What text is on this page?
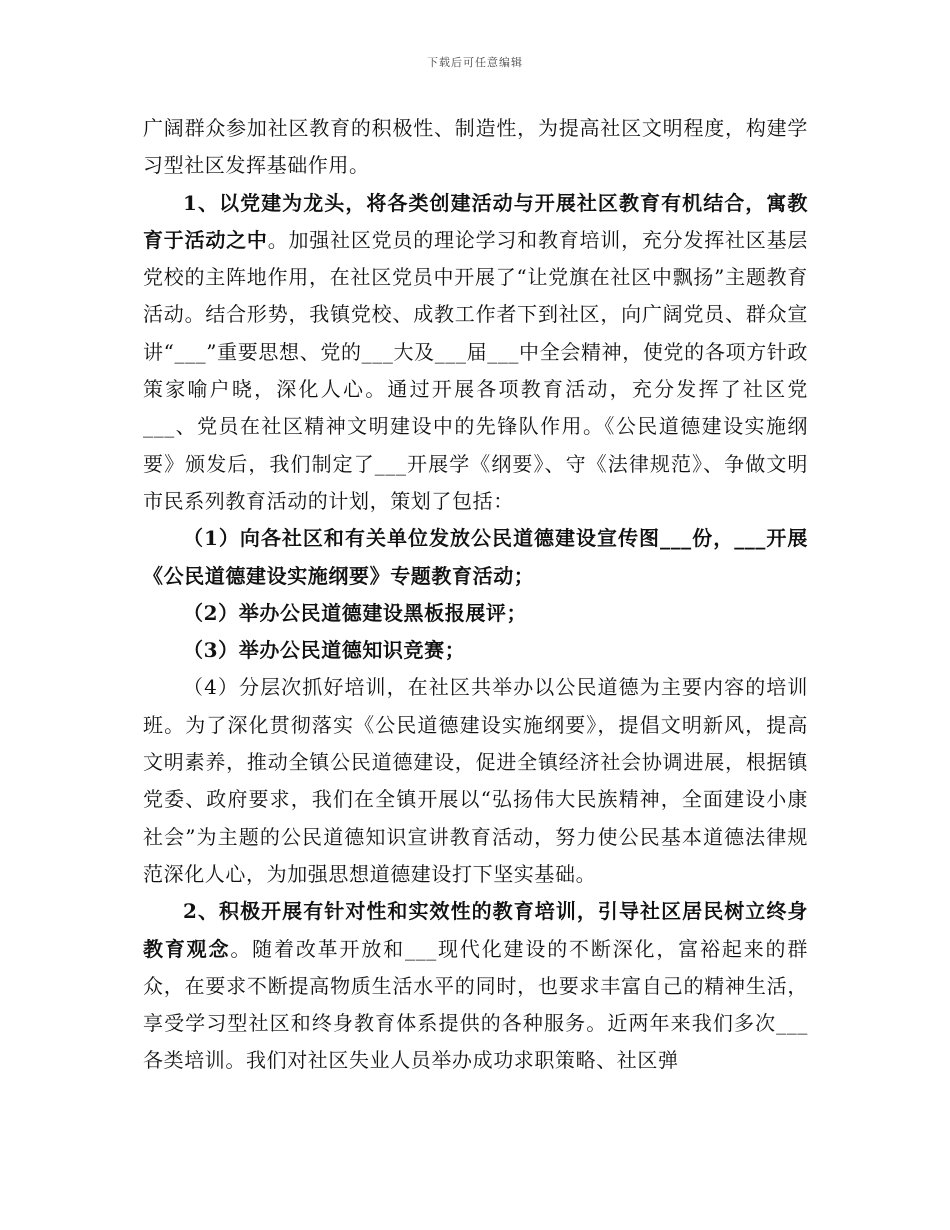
下载后可任意编辑

广阔群众参加社区教育的积极性、制造性，为提高社区文明程度，构建学习型社区发挥基础作用。

1、以党建为龙头，将各类创建活动与开展社区教育有机结合，寓教育于活动之中。加强社区党员的理论学习和教育培训，充分发挥社区基层党校的主阵地作用，在社区党员中开展了“让党旗在社区中飘扬”主题教育活动。结合形势，我镇党校、成教工作者下到社区，向广阔党员、群众宣讲“___”重要思想、党的___大及___届___中全会精神，使党的各项方针政策家喻户晓，深化人心。通过开展各项教育活动，充分发挥了社区党___、党员在社区精神文明建设中的先锋队作用。《公民道德建设实施纲要》颁发后，我们制定了___开展学《纲要》、守《法律规范》、争做文明市民系列教育活动的计划，策划了包括：

（1）向各社区和有关单位发放公民道德建设宣传图___份，___开展《公民道德建设实施纲要》专题教育活动；

（2）举办公民道德建设黑板报展评；

（3）举办公民道德知识竞赛；

（4）分层次抓好培训，在社区共举办以公民道德为主要内容的培训班。为了深化贯彻落实《公民道德建设实施纲要》，提倡文明新风，提高文明素养，推动全镇公民道德建设，促进全镇经济社会协调进展，根据镇党委、政府要求，我们在全镇开展以“弘扬伟大民族精神，全面建设小康社会”为主题的公民道德知识宣讲教育活动，努力使公民基本道德法律规范深化人心，为加强思想道德建设打下坚实基础。

2、积极开展有针对性和实效性的教育培训，引导社区居民树立终身教育观念。随着改革开放和___现代化建设的不断深化，富裕起来的群众，在要求不断提高物质生活水平的同时，也要求丰富自己的精神生活，享受学习型社区和终身教育体系提供的各种服务。近两年来我们多次___各类培训。我们对社区失业人员举办成功求职策略、社区弹
